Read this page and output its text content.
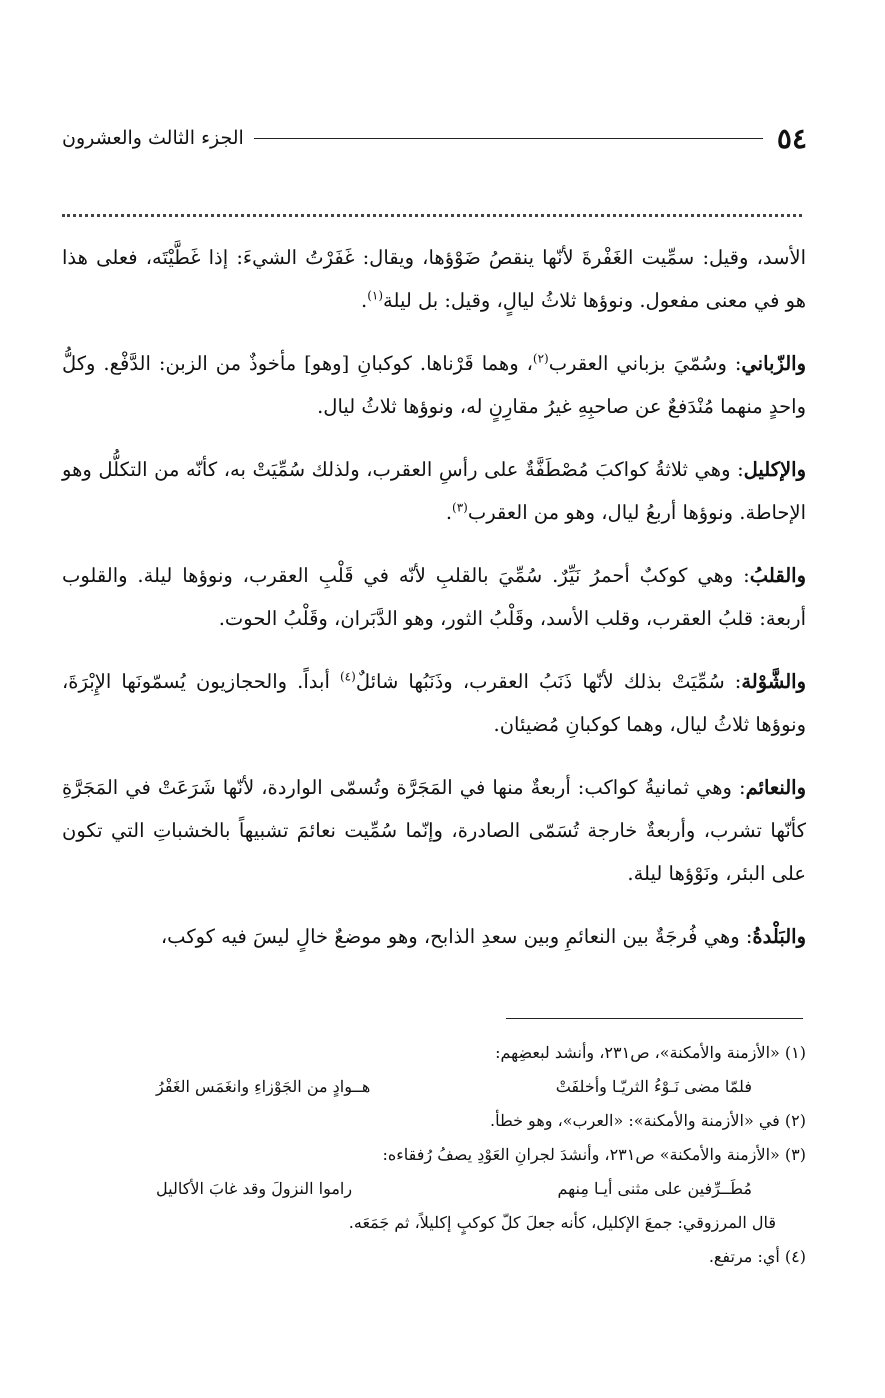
٥٤
الجزء الثالث والعشرون

الأسد، وقيل: سمِّيت الغَفْرةَ لأنّها ينقصُ ضَوْؤها، ويقال: غَفَرْتُ الشيءَ: إذا غَطَّيْتَه، فعلى هذا هو في معنى مفعول. ونوؤها ثلاثُ ليالٍ، وقيل: بل ليلة$^{(١)}$.

والزّباني: وسُمّيَ بزباني العقرب$^{(٢)}$، وهما قَرْناها. كوكبانِ [وهو] مأخوذٌ من الزبن: الدَّفْع. وكلُّ واحدٍ منهما مُنْدَفعٌ عن صاحبِهِ غيرُ مقارِنٍ له، ونوؤها ثلاثُ ليال.

والإكليل: وهي ثلاثةُ كواكبَ مُصْطَفَّةٌ على رأسِ العقرب، ولذلك سُمِّيَتْ به، كأنّه من التكلُّل وهو الإحاطة. ونوؤها أربعُ ليال، وهو من العقرب$^{(٣)}$.

والقلبُ: وهي كوكبٌ أحمرُ نَيِّرٌ. سُمِّيَ بالقلبِ لأنّه في قَلْبِ العقرب، ونوؤها ليلة. والقلوب أربعة: قلبُ العقرب، وقلب الأسد، وقَلْبُ الثور، وهو الدَّبَران، وقَلْبُ الحوت.

والشَّوْلة: سُمِّيَتْ بذلك لأنّها ذَنَبُ العقرب، وذَنَبُها شائلٌ$^{(٤)}$ أبداً. والحجازيون يُسمّونَها الإِبْرَةَ، ونوؤها ثلاثُ ليال، وهما كوكبانِ مُضيئان.

والنعائم: وهي ثمانيةُ كواكب: أربعةٌ منها في المَجَرَّة وتُسمّى الواردة، لأنّها شَرَعَتْ في المَجَرَّةِ كأنّها تشرب، وأربعةٌ خارجة تُسَمّى الصادرة، وإنّما سُمِّيت نعائمَ تشبيهاً بالخشباتِ التي تكون على البئر، ونَوْؤها ليلة.

والبَلْدةُ: وهي فُرجَةٌ بين النعائمِ وبين سعدِ الذابح، وهو موضعٌ خالٍ ليسَ فيه كوكب،

(١) «الأزمنة والأمكنة»، ص٢٣١، وأنشد لبعضِهم:

فلمّا مضى نَـوْءُ الثريّـا وأخلفَتْ
هــوادٍ من الجَوْزاءِ وانغَمَس الغَفْرُ

(٢) في «الأزمنة والأمكنة»: «العرب»، وهو خطأ.

(٣) «الأزمنة والأمكنة» ص٢٣١، وأنشدَ لجرانِ العَوْدِ يصفُ رُفقاءه:

مُطَــرِّفين على مثنى أيـا مِنهم
راموا النزولَ وقد غابَ الأكاليل

قال المرزوقي: جمعَ الإكليل، كأنه جعلَ كلّ كوكبٍ إكليلاً، ثم جَمَعَه.

(٤) أي: مرتفع.
